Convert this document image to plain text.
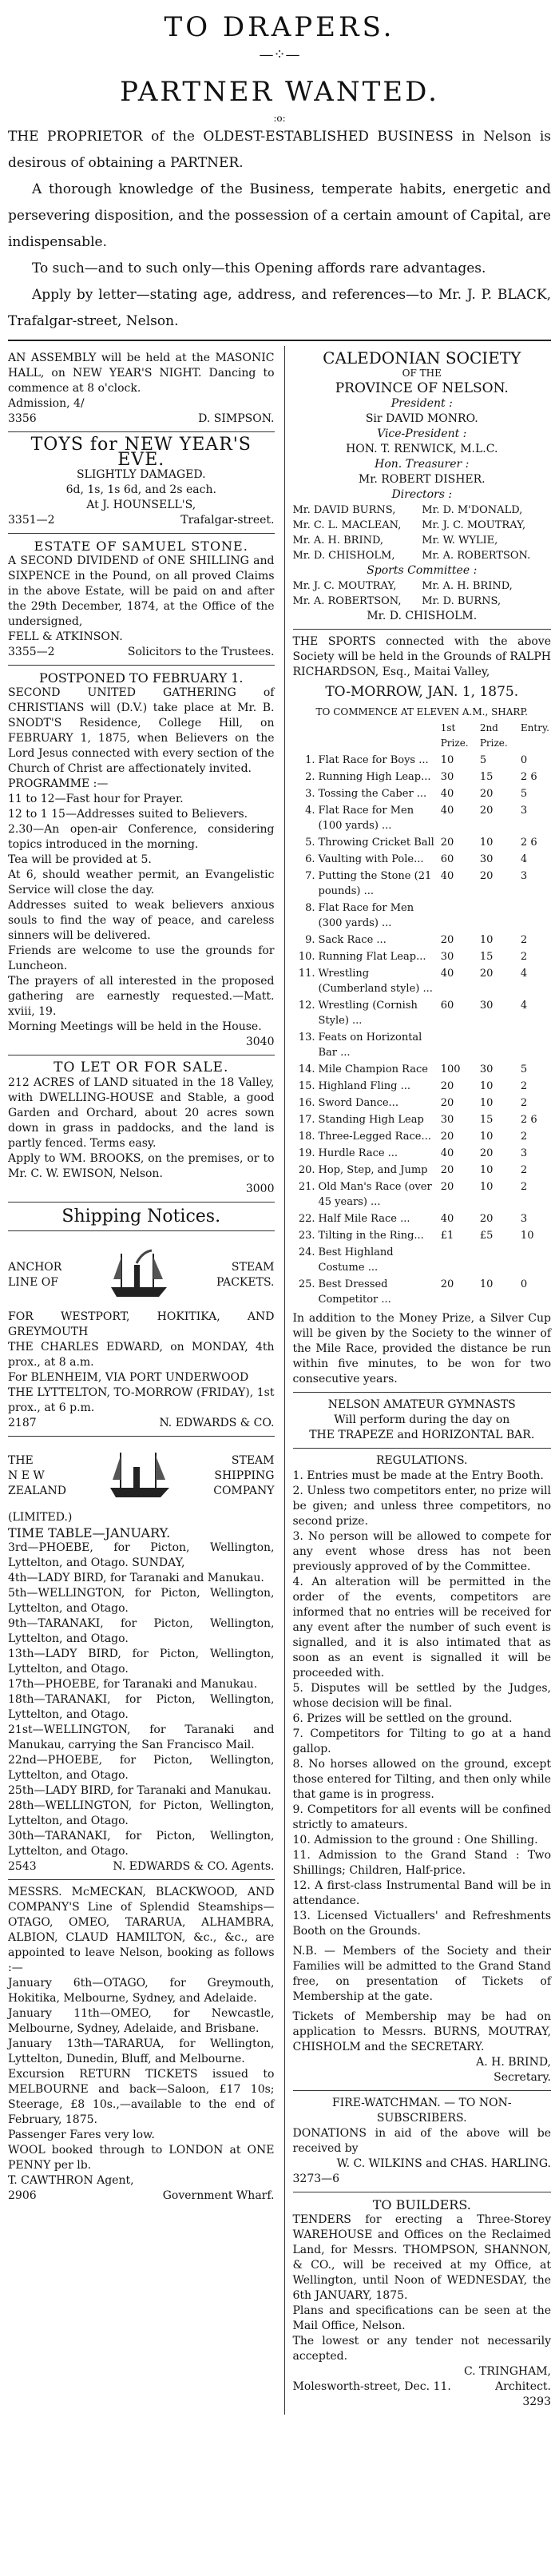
TO DRAPERS.
—⁘—
PARTNER WANTED.
:o:

THE PROPRIETOR of the OLDEST-ESTABLISHED BUSINESS in Nelson is desirous of obtaining a PARTNER.

A thorough knowledge of the Business, temperate habits, energetic and persevering disposition, and the possession of a certain amount of Capital, are indispensable.

To such—and to such only—this Opening affords rare advantages.

Apply by letter—stating age, address, and references—to Mr. J. P. BLACK, Trafalgar-street, Nelson.

AN ASSEMBLY will be held at the MASONIC HALL, on NEW YEAR'S NIGHT. Dancing to commence at 8 o'clock.

Admission, 4/

3356	D. SIMPSON.
TOYS for NEW YEAR'S EVE.
SLIGHTLY DAMAGED.
6d, 1s, 1s 6d, and 2s each.
At J. HOUNSELL'S,
3351—2	Trafalgar-street.
ESTATE OF SAMUEL STONE.

A SECOND DIVIDEND of ONE SHILLING and SIXPENCE in the Pound, on all proved Claims in the above Estate, will be paid on and after the 29th December, 1874, at the Office of the undersigned,

FELL & ATKINSON.

3355—2	Solicitors to the Trustees.
POSTPONED TO FEBRUARY 1.

SECOND UNITED GATHERING of CHRISTIANS will (D.V.) take place at Mr. B. SNODT'S Residence, College Hill, on FEBRUARY 1, 1875, when Believers on the Lord Jesus connected with every section of the Church of Christ are affectionately invited.

PROGRAMME :—

11 to 12—Fast hour for Prayer.

12 to 1 15—Addresses suited to Believers.

2.30—An open-air Conference, considering topics introduced in the morning.

Tea will be provided at 5.

At 6, should weather permit, an Evangelistic Service will close the day.

Addresses suited to weak believers anxious souls to find the way of peace, and careless sinners will be delivered.

Friends are welcome to use the grounds for Luncheon.

The prayers of all interested in the proposed gathering are earnestly requested.—Matt. xviii, 19.

Morning Meetings will be held in the House.

3040
TO LET OR FOR SALE.

212 ACRES of LAND situated in the 18 Valley, with DWELLING-HOUSE and Stable, a good Garden and Orchard, about 20 acres sown down in grass in paddocks, and the land is partly fenced. Terms easy.

Apply to WM. BROOKS, on the premises, or to Mr. C. W. EWISON, Nelson.

3000
Shipping Notices.
ANCHOR
LINE OF
STEAM
PACKETS.

FOR WESTPORT, HOKITIKA, AND GREYMOUTH

THE CHARLES EDWARD, on MONDAY, 4th prox., at 8 a.m.

For BLENHEIM, VIA PORT UNDERWOOD

THE LYTTELTON, TO-MORROW (FRIDAY), 1st prox., at 6 p.m.

2187	N. EDWARDS & CO.
THE
N E W
ZEALAND
STEAM
SHIPPING
COMPANY

(LIMITED.)

TIME TABLE—JANUARY.

3rd—PHOEBE, for Picton, Wellington, Lyttelton, and Otago. SUNDAY,

4th—LADY BIRD, for Taranaki and Manukau.

5th—WELLINGTON, for Picton, Wellington, Lyttelton, and Otago.

9th—TARANAKI, for Picton, Wellington, Lyttelton, and Otago.

13th—LADY BIRD, for Picton, Wellington, Lyttelton, and Otago.

17th—PHOEBE, for Taranaki and Manukau.

18th—TARANAKI, for Picton, Wellington, Lyttelton, and Otago.

21st—WELLINGTON, for Taranaki and Manukau, carrying the San Francisco Mail.

22nd—PHOEBE, for Picton, Wellington, Lyttelton, and Otago.

25th—LADY BIRD, for Taranaki and Manukau.

28th—WELLINGTON, for Picton, Wellington, Lyttelton, and Otago.

30th—TARANAKI, for Picton, Wellington, Lyttelton, and Otago.

2543	N. EDWARDS & CO. Agents.

MESSRS. McMECKAN, BLACKWOOD, AND COMPANY'S Line of Splendid Steamships—OTAGO, OMEO, TARARUA, ALHAMBRA, ALBION, CLAUD HAMILTON, &c., &c., are appointed to leave Nelson, booking as follows :—

January 6th—OTAGO, for Greymouth, Hokitika, Melbourne, Sydney, and Adelaide.

January 11th—OMEO, for Newcastle, Melbourne, Sydney, Adelaide, and Brisbane.

January 13th—TARARUA, for Wellington, Lyttelton, Dunedin, Bluff, and Melbourne.

Excursion RETURN TICKETS issued to MELBOURNE and back—Saloon, £17 10s; Steerage, £8 10s.,—available to the end of February, 1875.

Passenger Fares very low.

WOOL booked through to LONDON at ONE PENNY per lb.

T. CAWTHRON Agent,

2906	Government Wharf.
CALEDONIAN SOCIETY
OF THE
PROVINCE OF NELSON.
President :
Sir DAVID MONRO.
Vice-President :
HON. T. RENWICK, M.L.C.
Hon. Treasurer :
Mr. ROBERT DISHER.
Directors :
Mr. DAVID BURNS,	Mr. D. M'DONALD,
Mr. C. L. MACLEAN,	Mr. J. C. MOUTRAY,
Mr. A. H. BRIND,	Mr. W. WYLIE,
Mr. D. CHISHOLM,	Mr. A. ROBERTSON.
Sports Committee :
Mr. J. C. MOUTRAY,	Mr. A. H. BRIND,
Mr. A. ROBERTSON,	Mr. D. BURNS,
Mr. D. CHISHOLM.

THE SPORTS connected with the above Society will be held in the Grounds of RALPH RICHARDSON, Esq., Maitai Valley,

TO-MORROW, JAN. 1, 1875.
TO COMMENCE AT ELEVEN A.M., SHARP.
		1st Prize.	2nd Prize.	Entry.
1.	Flat Race for Boys ...	10	5	0
2.	Running High Leap...	30	15	2 6
3.	Tossing the Caber ...	40	20	5
4.	Flat Race for Men (100 yards) ...	40	20	3
5.	Throwing Cricket Ball	20	10	2 6
6.	Vaulting with Pole...	60	30	4
7.	Putting the Stone (21 pounds) ...	40	20	3
8.	Flat Race for Men (300 yards) ...			
9.	Sack Race ...	20	10	2
10.	Running Flat Leap...	30	15	2
11.	Wrestling (Cumberland style) ...	40	20	4
12.	Wrestling (Cornish Style) ...	60	30	4
13.	Feats on Horizontal Bar ...			
14.	Mile Champion Race	100	30	5
15.	Highland Fling ...	20	10	2
16.	Sword Dance...	20	10	2
17.	Standing High Leap	30	15	2 6
18.	Three-Legged Race...	20	10	2
19.	Hurdle Race ...	40	20	3
20.	Hop, Step, and Jump	20	10	2
21.	Old Man's Race (over 45 years) ...	20	10	2
22.	Half Mile Race ...	40	20	3
23.	Tilting in the Ring...	£1	£5	10
24.	Best Highland Costume ...			
25.	Best Dressed Competitor ...	20	10	0

In addition to the Money Prize, a Silver Cup will be given by the Society to the winner of the Mile Race, provided the distance be run within five minutes, to be won for two consecutive years.

NELSON AMATEUR GYMNASTS
Will perform during the day on
THE TRAPEZE and HORIZONTAL BAR.
REGULATIONS.

1. Entries must be made at the Entry Booth.

2. Unless two competitors enter, no prize will be given; and unless three competitors, no second prize.

3. No person will be allowed to compete for any event whose dress has not been previously approved of by the Committee.

4. An alteration will be permitted in the order of the events, competitors are informed that no entries will be received for any event after the number of such event is signalled, and it is also intimated that as soon as an event is signalled it will be proceeded with.

5. Disputes will be settled by the Judges, whose decision will be final.

6. Prizes will be settled on the ground.

7. Competitors for Tilting to go at a hand gallop.

8. No horses allowed on the ground, except those entered for Tilting, and then only while that game is in progress.

9. Competitors for all events will be confined strictly to amateurs.

10. Admission to the ground : One Shilling.

11. Admission to the Grand Stand : Two Shillings; Children, Half-price.

12. A first-class Instrumental Band will be in attendance.

13. Licensed Victuallers' and Refreshments Booth on the Grounds.

N.B. — Members of the Society and their Families will be admitted to the Grand Stand free, on presentation of Tickets of Membership at the gate.

Tickets of Membership may be had on application to Messrs. BURNS, MOUTRAY, CHISHOLM and the SECRETARY.

A. H. BRIND,
Secretary.
FIRE-WATCHMAN. — TO NON-SUBSCRIBERS.

DONATIONS in aid of the above will be received by

W. C. WILKINS and CHAS. HARLING.
3273—6
TO BUILDERS.

TENDERS for erecting a Three-Storey WAREHOUSE and Offices on the Reclaimed Land, for Messrs. THOMPSON, SHANNON, & CO., will be received at my Office, at Wellington, until Noon of WEDNESDAY, the 6th JANUARY, 1875.

Plans and specifications can be seen at the Mail Office, Nelson.

The lowest or any tender not necessarily accepted.

C. TRINGHAM,
Molesworth-street, Dec. 11.	Architect.
3293
